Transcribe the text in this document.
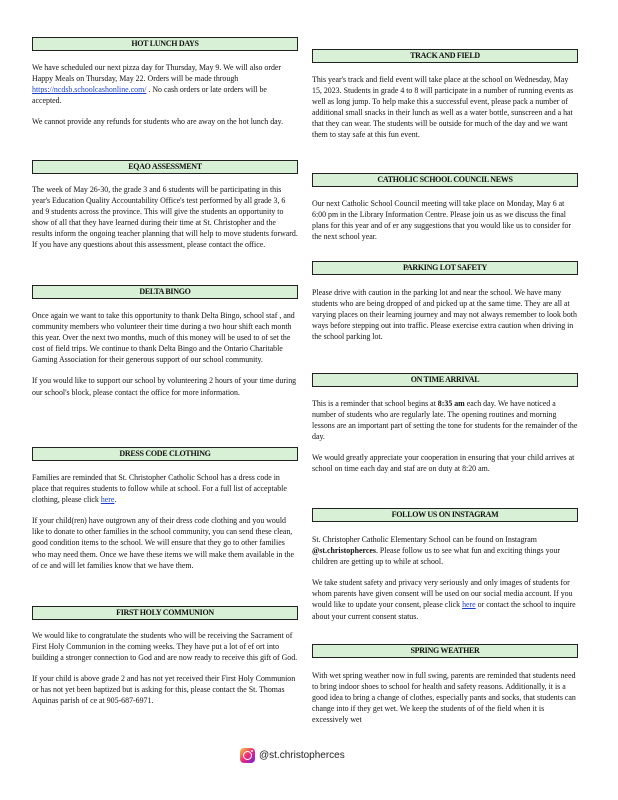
HOT LUNCH DAYS

We have scheduled our next pizza day for Thursday, May 9. We will also order Happy Meals on Thursday, May 22. Orders will be made through https://ncdsb.schoolcashonline.com/ . No cash orders or late orders will be accepted.

We cannot provide any refunds for students who are away on the hot lunch day.

EQAO ASSESSMENT

The week of May 26-30, the grade 3 and 6 students will be participating in this year's Education Quality Accountability Office's test performed by all grade 3, 6 and 9 students across the province. This will give the students an opportunity to show of all that they have learned during their time at St. Christopher and the results inform the ongoing teacher planning that will help to move students forward. If you have any questions about this assessment, please contact the office.

DELTA BINGO

Once again we want to take this opportunity to thank Delta Bingo, school staf , and community members who volunteer their time during a two hour shift each month this year. Over the next two months, much of this money will be used to of set the cost of field trips. We continue to thank Delta Bingo and the Ontario Charitable Gaming Association for their generous support of our school community.

If you would like to support our school by volunteering 2 hours of your time during our school's block, please contact the office for more information.

DRESS CODE CLOTHING

Families are reminded that St. Christopher Catholic School has a dress code in place that requires students to follow while at school. For a full list of acceptable clothing, please click here.

If your child(ren) have outgrown any of their dress code clothing and you would like to donate to other families in the school community, you can send these clean, good condition items to the school. We will ensure that they go to other families who may need them. Once we have these items we will make them available in the of ce and will let families know that we have them.

FIRST HOLY COMMUNION

We would like to congratulate the students who will be receiving the Sacrament of First Holy Communion in the coming weeks. They have put a lot of ef ort into building a stronger connection to God and are now ready to receive this gift of God.

If your child is above grade 2 and has not yet received their First Holy Communion or has not yet been baptized but is asking for this, please contact the St. Thomas Aquinas parish of ce at 905-687-6971.

TRACK AND FIELD

This year's track and field event will take place at the school on Wednesday, May 15, 2023. Students in grade 4 to 8 will participate in a number of running events as well as long jump. To help make this a successful event, please pack a number of additional small snacks in their lunch as well as a water bottle, sunscreen and a hat that they can wear. The students will be outside for much of the day and we want them to stay safe at this fun event.

CATHOLIC SCHOOL COUNCIL NEWS

Our next Catholic School Council meeting will take place on Monday, May 6 at 6:00 pm in the Library Information Centre. Please join us as we discuss the final plans for this year and of er any suggestions that you would like us to consider for the next school year.

PARKING LOT SAFETY

Please drive with caution in the parking lot and near the school. We have many students who are being dropped of and picked up at the same time. They are all at varying places on their learning journey and may not always remember to look both ways before stepping out into traffic. Please exercise extra caution when driving in the school parking lot.

ON TIME ARRIVAL

This is a reminder that school begins at 8:35 am each day. We have noticed a number of students who are regularly late. The opening routines and morning lessons are an important part of setting the tone for students for the remainder of the day.

We would greatly appreciate your cooperation in ensuring that your child arrives at school on time each day and staf are on duty at 8:20 am.

FOLLOW US ON INSTAGRAM

St. Christopher Catholic Elementary School can be found on Instagram @st.christopherces. Please follow us to see what fun and exciting things your children are getting up to while at school.

We take student safety and privacy very seriously and only images of students for whom parents have given consent will be used on our social media account. If you would like to update your consent, please click here or contact the school to inquire about your current consent status.

SPRING WEATHER

With wet spring weather now in full swing, parents are reminded that students need to bring indoor shoes to school for health and safety reasons. Additionally, it is a good idea to bring a change of clothes, especially pants and socks, that students can change into if they get wet. We keep the students of of the field when it is excessively wet

@st.christopherces
